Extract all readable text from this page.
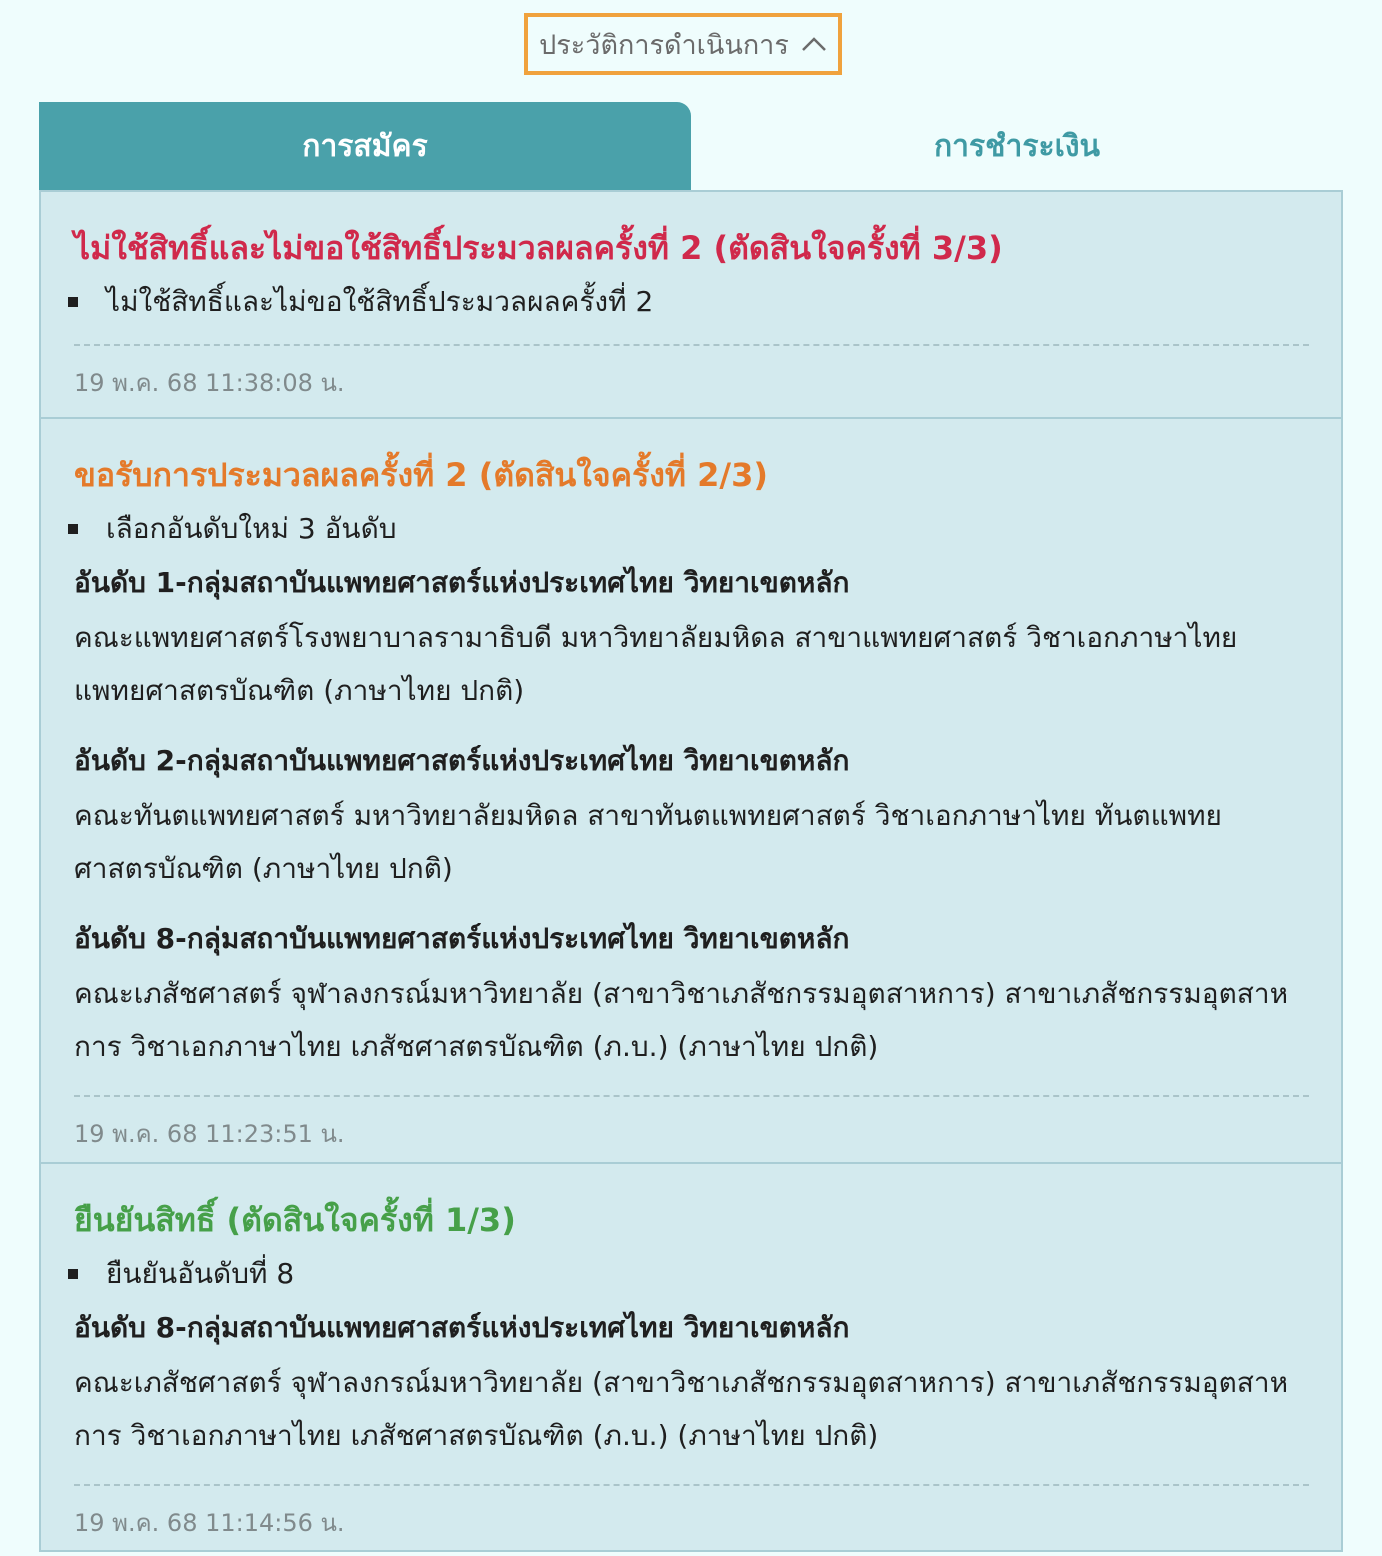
ประวัติการดำเนินการ
การสมัคร	การชำระเงิน
ไม่ใช้สิทธิ์และไม่ขอใช้สิทธิ์ประมวลผลครั้งที่ 2 (ตัดสินใจครั้งที่ 3/3)
ไม่ใช้สิทธิ์และไม่ขอใช้สิทธิ์ประมวลผลครั้งที่ 2
19 พ.ค. 68 11:38:08 น.
ขอรับการประมวลผลครั้งที่ 2 (ตัดสินใจครั้งที่ 2/3)
เลือกอันดับใหม่ 3 อันดับ
อันดับ 1-กลุ่มสถาบันแพทยศาสตร์แห่งประเทศไทย วิทยาเขตหลัก
คณะแพทยศาสตร์โรงพยาบาลรามาธิบดี มหาวิทยาลัยมหิดล สาขาแพทยศาสตร์ วิชาเอกภาษาไทย แพทยศาสตรบัณฑิต (ภาษาไทย ปกติ)
อันดับ 2-กลุ่มสถาบันแพทยศาสตร์แห่งประเทศไทย วิทยาเขตหลัก
คณะทันตแพทยศาสตร์ มหาวิทยาลัยมหิดล สาขาทันตแพทยศาสตร์ วิชาเอกภาษาไทย ทันตแพทยศาสตรบัณฑิต (ภาษาไทย ปกติ)
อันดับ 8-กลุ่มสถาบันแพทยศาสตร์แห่งประเทศไทย วิทยาเขตหลัก
คณะเภสัชศาสตร์ จุฬาลงกรณ์มหาวิทยาลัย (สาขาวิชาเภสัชกรรมอุตสาหการ) สาขาเภสัชกรรมอุตสาหการ วิชาเอกภาษาไทย เภสัชศาสตรบัณฑิต (ภ.บ.) (ภาษาไทย ปกติ)
19 พ.ค. 68 11:23:51 น.
ยืนยันสิทธิ์ (ตัดสินใจครั้งที่ 1/3)
ยืนยันอันดับที่ 8
อันดับ 8-กลุ่มสถาบันแพทยศาสตร์แห่งประเทศไทย วิทยาเขตหลัก
คณะเภสัชศาสตร์ จุฬาลงกรณ์มหาวิทยาลัย (สาขาวิชาเภสัชกรรมอุตสาหการ) สาขาเภสัชกรรมอุตสาหการ วิชาเอกภาษาไทย เภสัชศาสตรบัณฑิต (ภ.บ.) (ภาษาไทย ปกติ)
19 พ.ค. 68 11:14:56 น.
